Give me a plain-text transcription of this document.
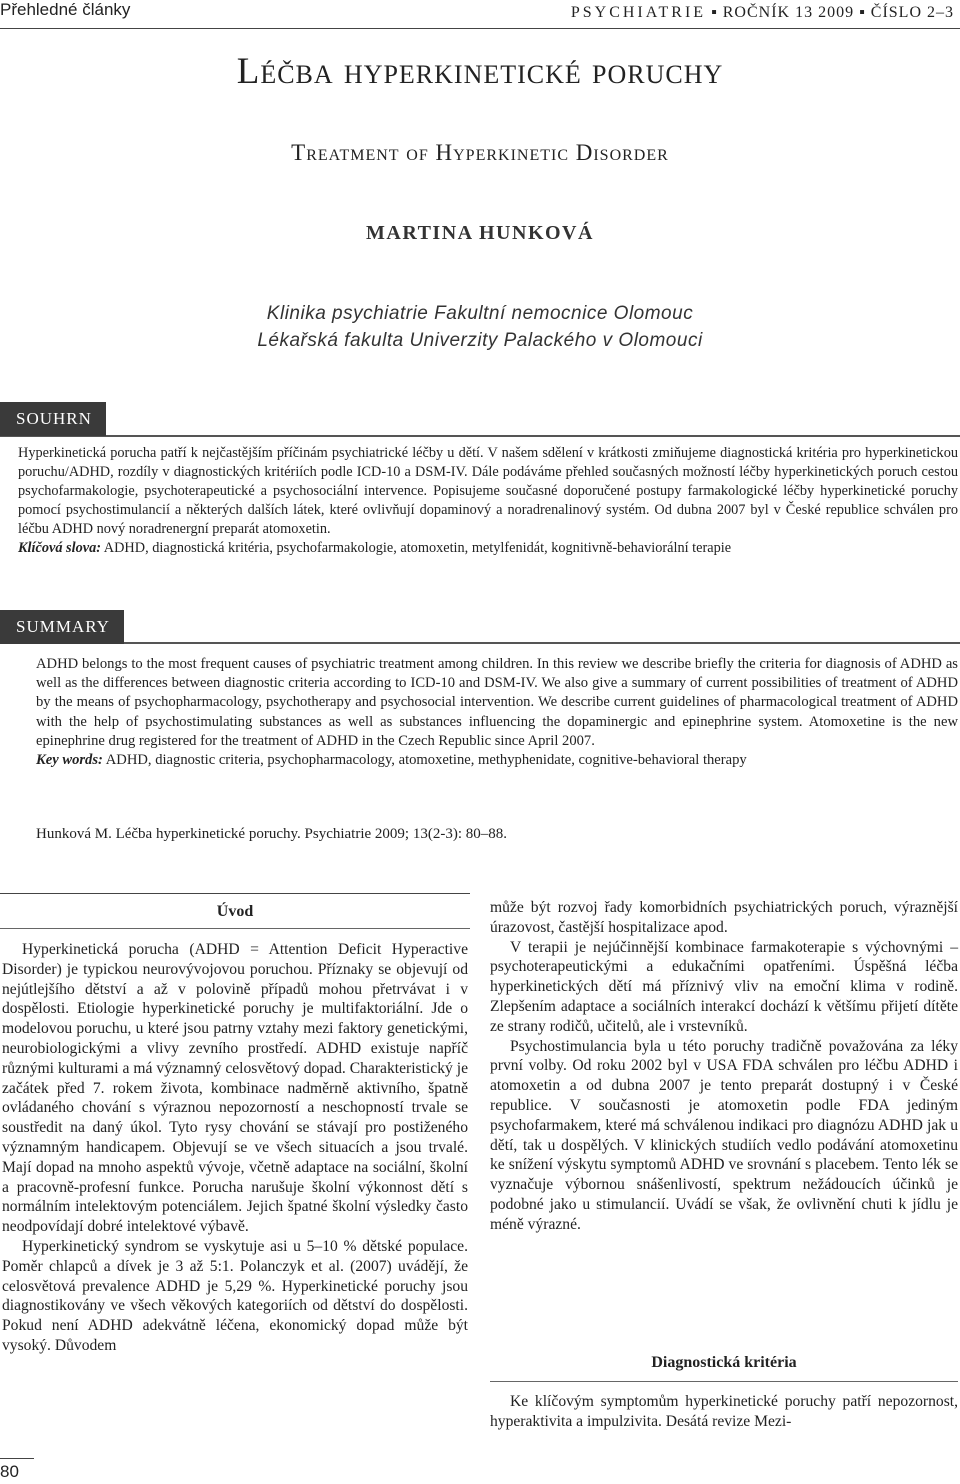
Přehledné články	PSYCHIATRIE ▪ ROČNÍK 13 2009 ▪ ČÍSLO 2–3
Léčba hyperkinetické poruchy
Treatment of Hyperkinetic Disorder
MARTINA HUNKOVÁ
Klinika psychiatrie Fakultní nemocnice Olomouc
Lékařská fakulta Univerzity Palackého v Olomouci
SOUHRN
Hyperkinetická porucha patří k nejčastějším příčinám psychiatrické léčby u dětí. V našem sdělení v krátkosti zmiňujeme diagnostická kritéria pro hyperkinetickou poruchu/ADHD, rozdíly v diagnostických kritériích podle ICD-10 a DSM-IV. Dále podáváme přehled současných možností léčby hyperkinetických poruch cestou psychofarmakologie, psychoterapeutické a psychosociální intervence. Popisujeme současné doporučené postupy farmakologické léčby hyperkinetické poruchy pomocí psychostimulancií a některých dalších látek, které ovlivňují dopaminový a noradrenalinový systém. Od dubna 2007 byl v České republice schválen pro léčbu ADHD nový noradrenergní preparát atomoxetin.
Klíčová slova: ADHD, diagnostická kritéria, psychofarmakologie, atomoxetin, metylfenidát, kognitivně-behaviorální terapie
SUMMARY
ADHD belongs to the most frequent causes of psychiatric treatment among children. In this review we describe briefly the criteria for diagnosis of ADHD as well as the differences between diagnostic criteria according to ICD-10 and DSM-IV. We also give a summary of current possibilities of treatment of ADHD by the means of psychopharmacology, psychotherapy and psychosocial intervention. We describe current guidelines of pharmacological treatment of ADHD with the help of psychostimulating substances as well as substances influencing the dopaminergic and epinephrine system. Atomoxetine is the new epinephrine drug registered for the treatment of ADHD in the Czech Republic since April 2007.
Key words: ADHD, diagnostic criteria, psychopharmacology, atomoxetine, methyphenidate, cognitive-behavioral therapy
Hunková M. Léčba hyperkinetické poruchy. Psychiatrie 2009; 13(2-3): 80–88.
Úvod

Hyperkinetická porucha (ADHD = Attention Deficit Hyperactive Disorder) je typickou neurovývojovou poruchou. Příznaky se objevují od nejútlejšího dětství a až v polovině případů mohou přetrvávat i v dospělosti. Etiologie hyperkinetické poruchy je multifaktoriální. Jde o modelovou poruchu, u které jsou patrny vztahy mezi faktory genetickými, neurobiologickými a vlivy zevního prostředí. ADHD existuje napříč různými kulturami a má významný celosvětový dopad. Charakteristický je začátek před 7. rokem života, kombinace nadměrně aktivního, špatně ovládaného chování s výraznou nepozorností a neschopností trvale se soustředit na daný úkol. Tyto rysy chování se stávají pro postiženého významným handicapem. Objevují se ve všech situacích a jsou trvalé. Mají dopad na mnoho aspektů vývoje, včetně adaptace na sociální, školní a pracovně-profesní funkce. Porucha narušuje školní výkonnost dětí s normálním intelektovým potenciálem. Jejich špatné školní výsledky často neodpovídají dobré intelektové výbavě.

Hyperkinetický syndrom se vyskytuje asi u 5–10 % dětské populace. Poměr chlapců a dívek je 3 až 5:1. Polanczyk et al. (2007) uvádějí, že celosvětová prevalence ADHD je 5,29 %. Hyperkinetické poruchy jsou diagnostikovány ve všech věkových kategoriích od dětství do dospělosti. Pokud není ADHD adekvátně léčena, ekonomický dopad může být vysoký. Důvodem

může být rozvoj řady komorbidních psychiatrických poruch, výraznější úrazovost, častější hospitalizace apod.

V terapii je nejúčinnější kombinace farmakoterapie s výchovnými – psychoterapeutickými a edukačními opatřeními. Úspěšná léčba hyperkinetických dětí má příznivý vliv na emoční klima v rodině. Zlepšením adaptace a sociálních interakcí dochází k většímu přijetí dítěte ze strany rodičů, učitelů, ale i vrstevníků.

Psychostimulancia byla u této poruchy tradičně považována za léky první volby. Od roku 2002 byl v USA FDA schválen pro léčbu ADHD i atomoxetin a od dubna 2007 je tento preparát dostupný i v České republice. V současnosti je atomoxetin podle FDA jediným psychofarmakem, které má schválenou indikaci pro diagnózu ADHD jak u dětí, tak u dospělých. V klinických studiích vedlo podávání atomoxetinu ke snížení výskytu symptomů ADHD ve srovnání s placebem. Tento lék se vyznačuje výbornou snášenlivostí, spektrum nežádoucích účinků je podobné jako u stimulancií. Uvádí se však, že ovlivnění chuti k jídlu je méně výrazné.

Diagnostická kritéria

Ke klíčovým symptomům hyperkinetické poruchy patří nepozornost, hyperaktivita a impulzivita. Desátá revize Mezi-

80
